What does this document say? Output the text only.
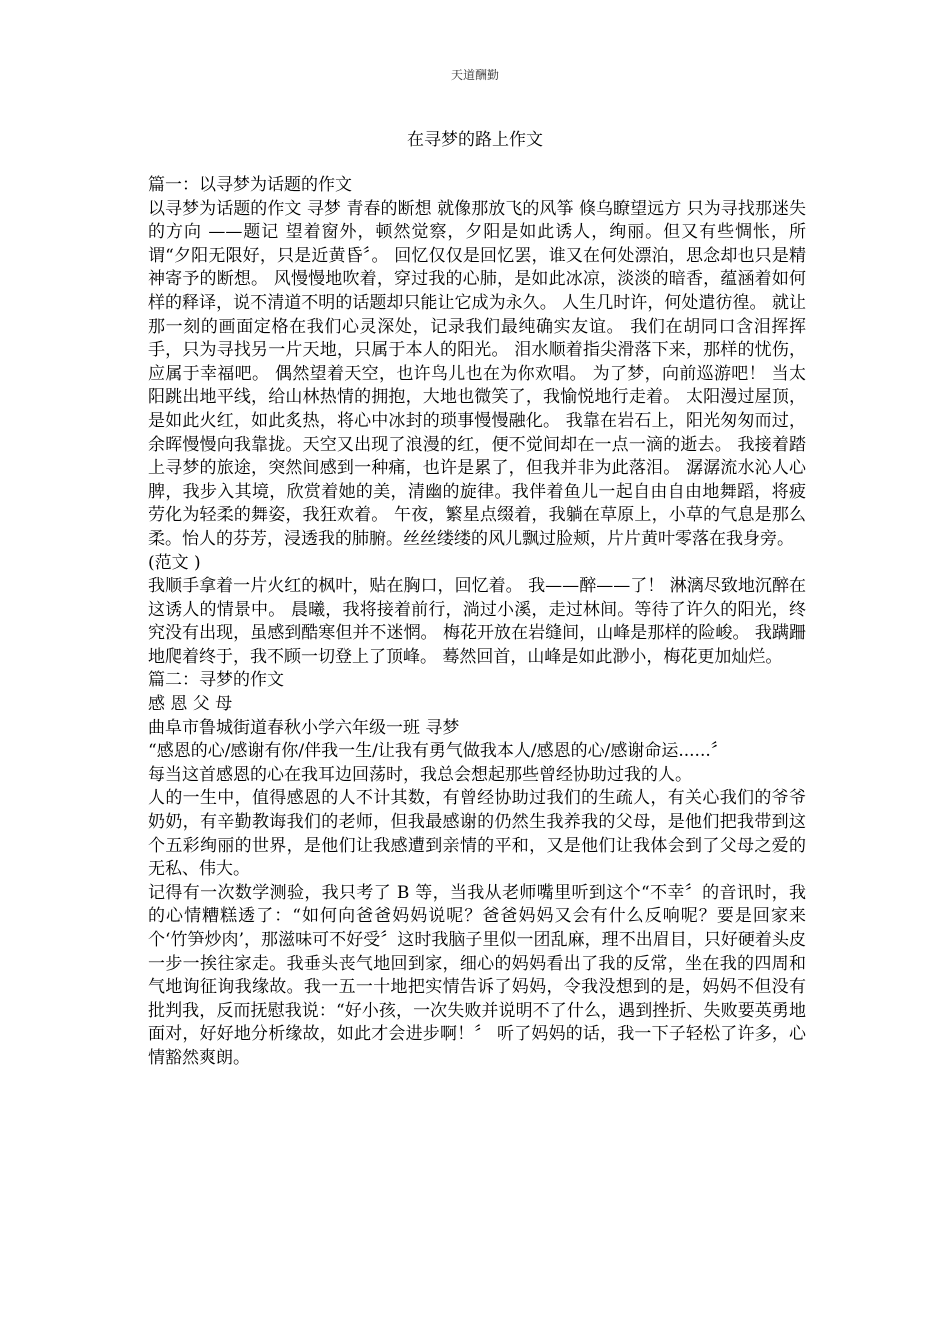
天道酬勤
在寻梦的路上作文

篇一：以寻梦为话题的作文

以寻梦为话题的作文 寻梦 青春的断想 就像那放飞的风筝 倏乌瞭望远方 只为寻找那迷失的方向 ——题记 望着窗外，顿然觉察，夕阳是如此诱人，绚丽。但又有些惆怅，所谓“夕阳无限好，只是近黄昏〞。 回忆仅仅是回忆罢，谁又在何处漂泊，思念却也只是精神寄予的断想。 风慢慢地吹着，穿过我的心肺，是如此冰凉，淡淡的暗香，蕴涵着如何样的释译，说不清道不明的话题却只能让它成为永久。 人生几时许，何处遣彷徨。 就让那一刻的画面定格在我们心灵深处，记录我们最纯确实友谊。 我们在胡同口含泪挥挥手，只为寻找另一片天地，只属于本人的阳光。 泪水顺着指尖滑落下来，那样的忧伤，应属于幸福吧。 偶然望着天空，也许鸟儿也在为你欢唱。 为了梦，向前巡游吧！ 当太阳跳出地平线，给山林热情的拥抱，大地也微笑了，我愉悦地行走着。 太阳漫过屋顶，是如此火红，如此炙热，将心中冰封的琐事慢慢融化。 我靠在岩石上，阳光匆匆而过，余晖慢慢向我靠拢。天空又出现了浪漫的红，便不觉间却在一点一滴的逝去。 我接着踏上寻梦的旅途，突然间感到一种痛，也许是累了，但我并非为此落泪。 潺潺流水沁人心脾，我步入其境，欣赏着她的美，清幽的旋律。我伴着鱼儿一起自由自由地舞蹈，将疲劳化为轻柔的舞姿，我狂欢着。 午夜，繁星点缀着，我躺在草原上，小草的气息是那么柔。怡人的芬芳，浸透我的肺腑。丝丝缕缕的风儿飘过脸颊，片片黄叶零落在我身旁。

(范文 )

我顺手拿着一片火红的枫叶，贴在胸口，回忆着。 我——醉——了！ 淋漓尽致地沉醉在这诱人的情景中。 晨曦，我将接着前行，淌过小溪，走过林间。等待了许久的阳光，终究没有出现，虽感到酷寒但并不迷惘。 梅花开放在岩缝间，山峰是那样的险峻。 我蹒跚地爬着终于，我不顾一切登上了顶峰。 蓦然回首，山峰是如此渺小，梅花更加灿烂。

篇二：寻梦的作文

感 恩 父 母

曲阜市鲁城街道春秋小学六年级一班 寻梦

“感恩的心/感谢有你/伴我一生/让我有勇气做我本人/感恩的心/感谢命运......〞

每当这首感恩的心在我耳边回荡时，我总会想起那些曾经协助过我的人。

人的一生中，值得感恩的人不计其数，有曾经协助过我们的生疏人，有关心我们的爷爷奶奶，有辛勤教诲我们的老师，但我最感谢的仍然生我养我的父母，是他们把我带到这个五彩绚丽的世界，是他们让我感遭到亲情的平和，又是他们让我体会到了父母之爱的无私、伟大。

记得有一次数学测验，我只考了 B 等，当我从老师嘴里听到这个“不幸〞的音讯时，我的心情糟糕透了：“如何向爸爸妈妈说呢？爸爸妈妈又会有什么反响呢？要是回家来个‘竹笋炒肉’，那滋味可不好受〞这时我脑子里似一团乱麻，理不出眉目，只好硬着头皮一步一挨往家走。我垂头丧气地回到家，细心的妈妈看出了我的反常，坐在我的四周和气地询征询我缘故。我一五一十地把实情告诉了妈妈，令我没想到的是，妈妈不但没有批判我，反而抚慰我说：“好小孩，一次失败并说明不了什么，遇到挫折、失败要英勇地面对，好好地分析缘故，如此才会进步啊！〞 听了妈妈的话，我一下子轻松了许多，心情豁然爽朗。
